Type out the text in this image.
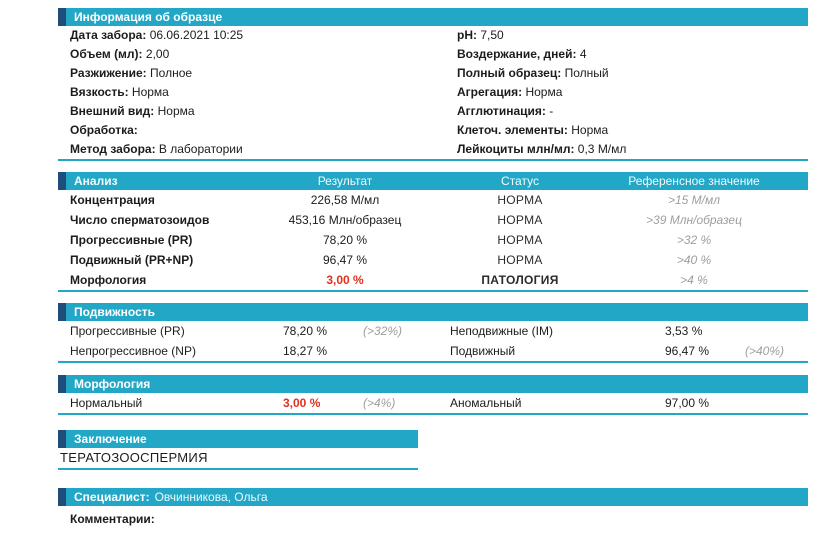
Информация об образце
Дата забора: 06.06.2021 10:25
Объем (мл): 2,00
Разжижение: Полное
Вязкость: Норма
Внешний вид: Норма
Обработка:
Метод забора: В лаборатории
pH: 7,50
Воздержание, дней: 4
Полный образец: Полный
Агрегация: Норма
Агглютинация: -
Клеточ. элементы: Норма
Лейкоциты млн/мл: 0,3 М/мл
Анализ	Результат	Статус	Референсное значение
Концентрация	226,58 М/мл	НОРМА	>15 М/мл
Число сперматозоидов	453,16 Млн/образец	НОРМА	>39 Млн/образец
Прогрессивные (PR)	78,20 %	НОРМА	>32 %
Подвижный (PR+NP)	96,47 %	НОРМА	>40 %
Морфология	3,00 %	ПАТОЛОГИЯ	>4 %
Подвижность
Прогрессивные (PR)	78,20 %	(>32%)	Неподвижные (IM)	3,53 %
Непрогрессивное (NP)	18,27 %	Подвижный	96,47 %	(>40%)
Морфология
Нормальный	3,00 %	(>4%)	Аномальный	97,00 %
Заключение
ТЕРАТОЗООСПЕРМИЯ
Специалист: Овчинникова, Ольга
Комментарии:
